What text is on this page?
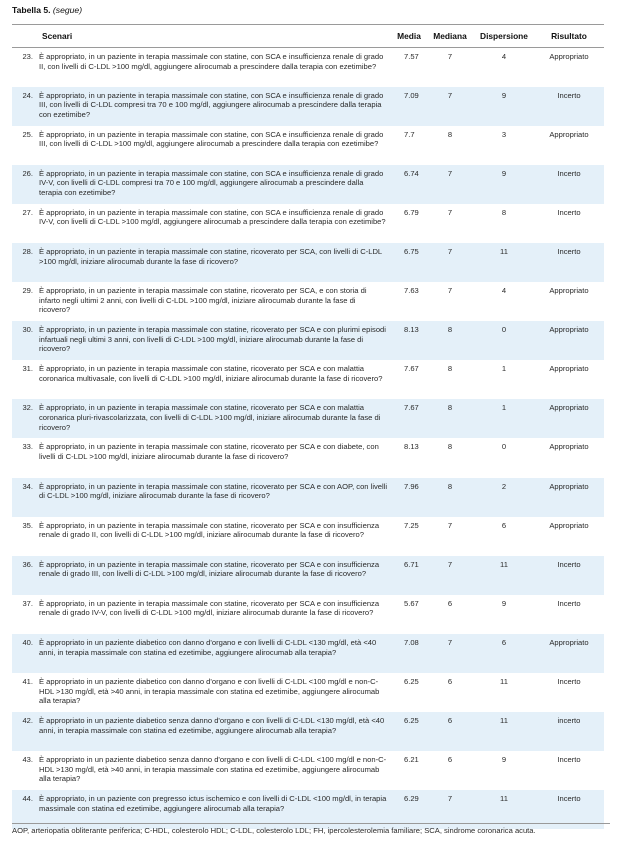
Tabella 5. (segue)
	Scenari	Media	Mediana	Dispersione	Risultato
23.	È appropriato, in un paziente in terapia massimale con statine, con SCA e insufficienza renale di grado II, con livelli di C-LDL >100 mg/dl, aggiungere alirocumab a prescindere dalla terapia con ezetimibe?	7.57	7	4	Appropriato
24.	È appropriato, in un paziente in terapia massimale con statine, con SCA e insufficienza renale di grado III, con livelli di C-LDL compresi tra 70 e 100 mg/dl, aggiungere alirocumab a prescindere dalla terapia con ezetimibe?	7.09	7	9	Incerto
25.	È appropriato, in un paziente in terapia massimale con statine, con SCA e insufficienza renale di grado III, con livelli di C-LDL >100 mg/dl, aggiungere alirocumab a prescindere dalla terapia con ezetimibe?	7.7	8	3	Appropriato
26.	È appropriato, in un paziente in terapia massimale con statine, con SCA e insufficienza renale di grado IV-V, con livelli di C-LDL compresi tra 70 e 100 mg/dl, aggiungere alirocumab a prescindere dalla terapia con ezetimibe?	6.74	7	9	Incerto
27.	È appropriato, in un paziente in terapia massimale con statine, con SCA e insufficienza renale di grado IV-V, con livelli di C-LDL >100 mg/dl, aggiungere alirocumab a prescindere dalla terapia con ezetimibe?	6.79	7	8	Incerto
28.	È appropriato, in un paziente in terapia massimale con statine, ricoverato per SCA, con livelli di C-LDL >100 mg/dl, iniziare alirocumab durante la fase di ricovero?	6.75	7	11	Incerto
29.	È appropriato, in un paziente in terapia massimale con statine, ricoverato per SCA, e con storia di infarto negli ultimi 2 anni, con livelli di C-LDL >100 mg/dl, iniziare alirocumab durante la fase di ricovero?	7.63	7	4	Appropriato
30.	È appropriato, in un paziente in terapia massimale con statine, ricoverato per SCA e con plurimi episodi infartuali negli ultimi 3 anni, con livelli di C-LDL >100 mg/dl, iniziare alirocumab durante la fase di ricovero?	8.13	8	0	Appropriato
31.	È appropriato, in un paziente in terapia massimale con statine, ricoverato per SCA e con malattia coronarica multivasale, con livelli di C-LDL >100 mg/dl, iniziare alirocumab durante la fase di ricovero?	7.67	8	1	Appropriato
32.	È appropriato, in un paziente in terapia massimale con statine, ricoverato per SCA e con malattia coronarica pluri-rivascolarizzata, con livelli di C-LDL >100 mg/dl, iniziare alirocumab durante la fase di ricovero?	7.67	8	1	Appropriato
33.	È appropriato, in un paziente in terapia massimale con statine, ricoverato per SCA e con diabete, con livelli di C-LDL >100 mg/dl, iniziare alirocumab durante la fase di ricovero?	8.13	8	0	Appropriato
34.	È appropriato, in un paziente in terapia massimale con statine, ricoverato per SCA e con AOP, con livelli di C-LDL >100 mg/dl, iniziare alirocumab durante la fase di ricovero?	7.96	8	2	Appropriato
35.	È appropriato, in un paziente in terapia massimale con statine, ricoverato per SCA e con insufficienza renale di grado II, con livelli di C-LDL >100 mg/dl, iniziare alirocumab durante la fase di ricovero?	7.25	7	6	Appropriato
36.	È appropriato, in un paziente in terapia massimale con statine, ricoverato per SCA e con insufficienza renale di grado III, con livelli di C-LDL >100 mg/dl, iniziare alirocumab durante la fase di ricovero?	6.71	7	11	Incerto
37.	È appropriato, in un paziente in terapia massimale con statine, ricoverato per SCA e con insufficienza renale di grado IV-V, con livelli di C-LDL >100 mg/dl, iniziare alirocumab durante la fase di ricovero?	5.67	6	9	Incerto
40.	È appropriato in un paziente diabetico con danno d'organo e con livelli di C-LDL <130 mg/dl, età <40 anni, in terapia massimale con statina ed ezetimibe, aggiungere alirocumab alla terapia?	7.08	7	6	Appropriato
41.	È appropriato in un paziente diabetico con danno d'organo e con livelli di C-LDL <100 mg/dl e non-C-HDL >130 mg/dl, età >40 anni, in terapia massimale con statina ed ezetimibe, aggiungere alirocumab alla terapia?	6.25	6	11	Incerto
42.	È appropriato in un paziente diabetico senza danno d'organo e con livelli di C-LDL <130 mg/dl, età <40 anni, in terapia massimale con statina ed ezetimibe, aggiungere alirocumab alla terapia?	6.25	6	11	incerto
43.	È appropriato in un paziente diabetico senza danno d'organo e con livelli di C-LDL <100 mg/dl e non-C-HDL >130 mg/dl, età >40 anni, in terapia massimale con statina ed ezetimibe, aggiungere alirocumab alla terapia?	6.21	6	9	Incerto
44.	È appropriato, in un paziente con pregresso ictus ischemico e con livelli di C-LDL <100 mg/dl, in terapia massimale con statina ed ezetimibe, aggiungere alirocumab alla terapia?	6.29	7	11	Incerto
AOP, arteriopatia obliterante periferica; C-HDL, colesterolo HDL; C-LDL, colesterolo LDL; FH, ipercolesterolemia familiare; SCA, sindrome coronarica acuta.
